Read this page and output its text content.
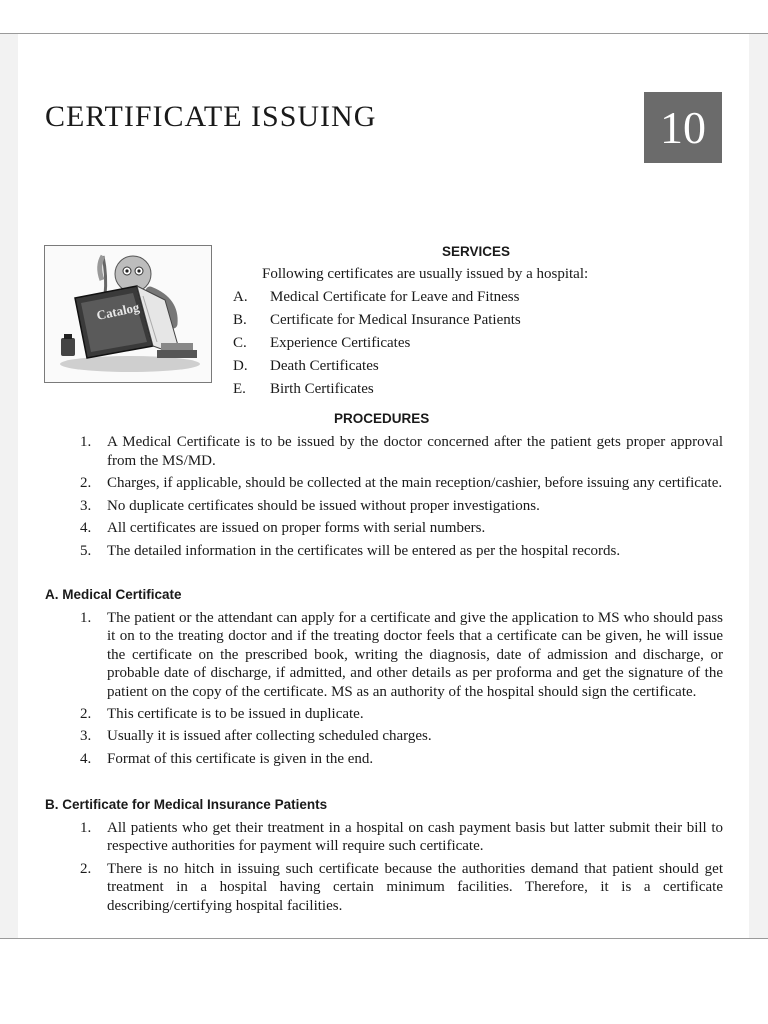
CERTIFICATE ISSUING	10
Catalog
SERVICES
Following certificates are usually issued by a hospital:
A.	Medical Certificate for Leave and Fitness
B.	Certificate for Medical Insurance Patients
C.	Experience Certificates
D.	Death Certificates
E.	Birth Certificates
PROCEDURES
1.	A Medical Certificate is to be issued by the doctor concerned after the patient gets proper approval from the MS/MD.
2.	Charges, if applicable, should be collected at the main reception/cashier, before issuing any certificate.
3.	No duplicate certificates should be issued without proper investigations.
4.	All certificates are issued on proper forms with serial numbers.
5.	The detailed information in the certificates will be entered as per the hospital records.
A. Medical Certificate
1.	The patient or the attendant can apply for a certificate and give the application to MS who should pass it on to the treating doctor and if the treating doctor feels that a certificate can be given, he will issue the certificate on the prescribed book, writing the diagnosis, date of admission and discharge, or probable date of discharge, if admitted, and other details as per proforma and get the signature of the patient on the copy of the certificate. MS as an authority of the hospital should sign the certificate.
2.	This certificate is to be issued in duplicate.
3.	Usually it is issued after collecting scheduled charges.
4.	Format of this certificate is given in the end.
B. Certificate for Medical Insurance Patients
1.	All patients who get their treatment in a hospital on cash payment basis but latter submit their bill to respective authorities for payment will require such certificate.
2.	There is no hitch in issuing such certificate because the authorities demand that patient should get treatment in a hospital having certain minimum facilities. Therefore, it is a certificate describing/certifying hospital facilities.
